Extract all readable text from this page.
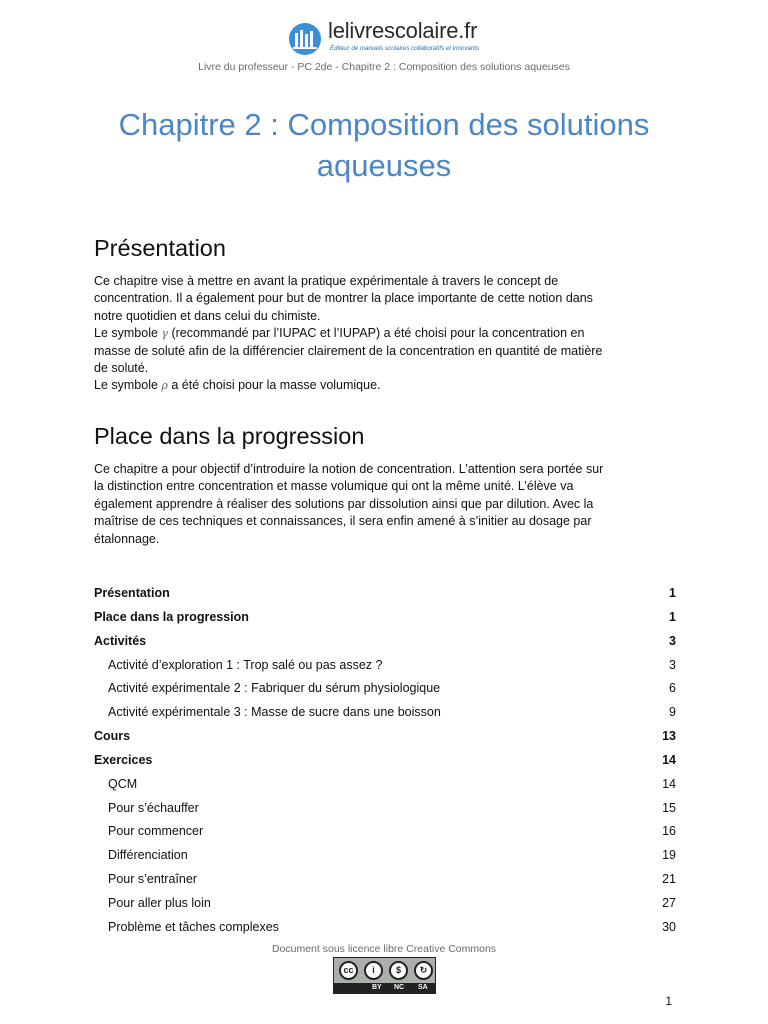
lelivrescolaire.fr
Éditeur de manuels scolaires collaboratifs et innovants
Livre du professeur - PC 2de - Chapitre 2 : Composition des solutions aqueuses
Chapitre 2 : Composition des solutions aqueuses
Présentation
Ce chapitre vise à mettre en avant la pratique expérimentale à travers le concept de
concentration. Il a également pour but de montrer la place importante de cette notion dans
notre quotidien et dans celui du chimiste.
Le symbole γ (recommandé par l’IUPAC et l’IUPAP) a été choisi pour la concentration en
masse de soluté afin de la différencier clairement de la concentration en quantité de matière
de soluté.
Le symbole ρ a été choisi pour la masse volumique.
Place dans la progression
Ce chapitre a pour objectif d’introduire la notion de concentration. L’attention sera portée sur
la distinction entre concentration et masse volumique qui ont la même unité. L’élève va
également apprendre à réaliser des solutions par dissolution ainsi que par dilution. Avec la
maîtrise de ces techniques et connaissances, il sera enfin amené à s’initier au dosage par
étalonnage.
Présentation	1
Place dans la progression	1
Activités	3
Activité d’exploration 1 : Trop salé ou pas assez ?	3
Activité expérimentale 2 : Fabriquer du sérum physiologique	6
Activité expérimentale 3 : Masse de sucre dans une boisson	9
Cours	13
Exercices	14
QCM	14
Pour s’échauffer	15
Pour commencer	16
Différenciation	19
Pour s’entraîner	21
Pour aller plus loin	27
Problème et tâches complexes	30
Document sous licence libre Creative Commons
cc	i	$	↻
BY NC SA
1
